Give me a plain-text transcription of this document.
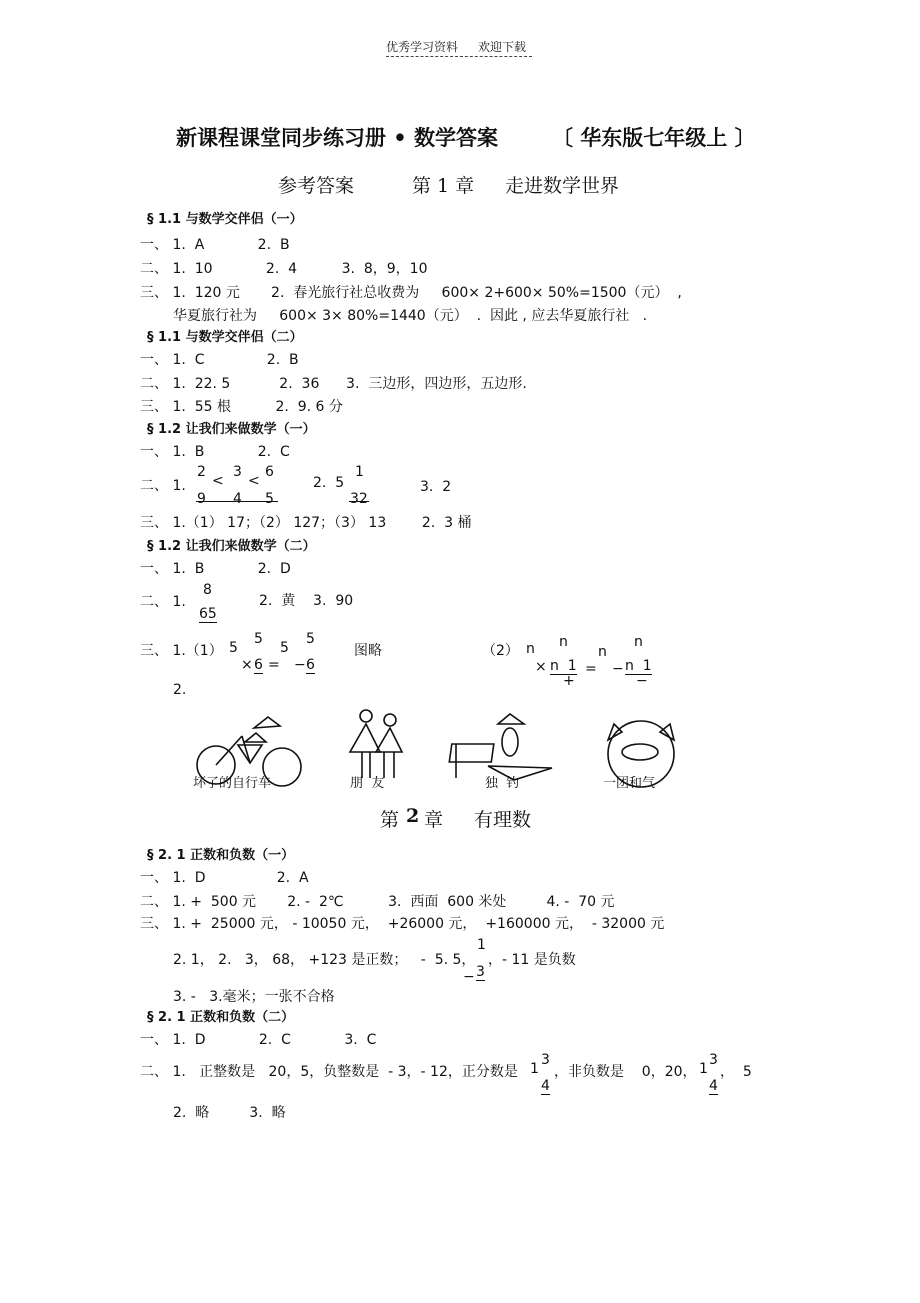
优秀学习资料 欢迎下载
新课程课堂同步练习册 • 数学答案	〔 华东版七年级上 〕
参考答案	第 1 章 走进数学世界
§ 1.1 与数学交伴侣（一）
一、 1.  A            2.  B
二、 1.  10            2.  4          3.  8，9，10
三、 1.  120 元       2.  春光旅行社总收费为     600× 2+600× 50%=1500（元）  ,
华夏旅行社为     600× 3× 80%=1440（元）  .  因此 , 应去华夏旅行社   .
§ 1.1 与数学交伴侣（二）
一、 1.  C              2.  B
二、 1.  22. 5           2.  36      3.  三边形，四边形，五边形.
三、 1.  55 根          2.  9. 6 分
§ 1.2 让我们来做数学（一）
一、 1.  B            2.  C
二、 1.
2
9
<
3
4
<
6
5
2.  5
1
32
3.  2
三、 1.（1） 17；（2） 127；（3） 13        2.  3 桶
§ 1.2 让我们来做数学（二）
一、 1.  B            2.  D
二、 1.
8
65
2.  黄    3.  90
三、 1.（1） 5
5
× 6 =
5
5
− 6
图略	（2） n n
× n  1
+
=
n
n
− n  1
−
2.
坏了的自行车	朋  友	独  钓	一团和气
第 2 章 有理数
§ 2. 1 正数和负数（一）
一、 1.  D                2.  A
二、 1. +  500 元       2. -  2℃          3.  西面  600 米处         4. -  70 元
三、 1. +  25000 元， - 10050 元，  +26000 元，  +160000 元，  - 32000 元
2. 1， 2.   3， 68， +123 是正数；   -  5. 5，
1
− 3
，- 11 是负数
3. -   3.毫米；一张不合格
§ 2. 1 正数和负数（二）
一、 1.  D            2.  C            3.  C
二、 1.   正整数是   20，5，负整数是  - 3，- 12，正分数是 1
3
4
，非负数是    0，20， 1
3
4
，  5
2.  略         3.  略
